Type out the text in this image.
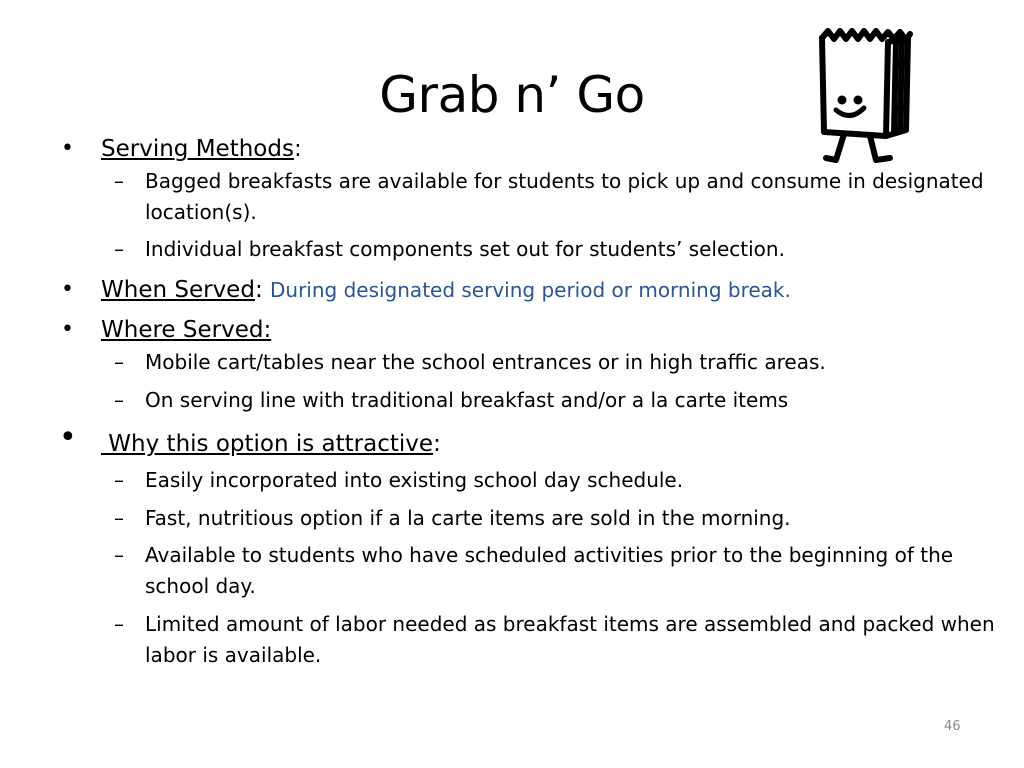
Grab n’ Go
• Serving Methods:
– Bagged breakfasts are available for students to pick up and consume in designated location(s).
– Individual breakfast components set out for students’ selection.
• When Served: During designated serving period or morning break.
• Where Served:
– Mobile cart/tables near the school entrances or in high traffic areas.
– On serving line with traditional breakfast and/or a la carte items
• Why this option is attractive:
– Easily incorporated into existing school day schedule.
– Fast, nutritious option if a la carte items are sold in the morning.
– Available to students who have scheduled activities prior to the beginning of the school day.
– Limited amount of labor needed as breakfast items are assembled and packed when labor is available.
46
